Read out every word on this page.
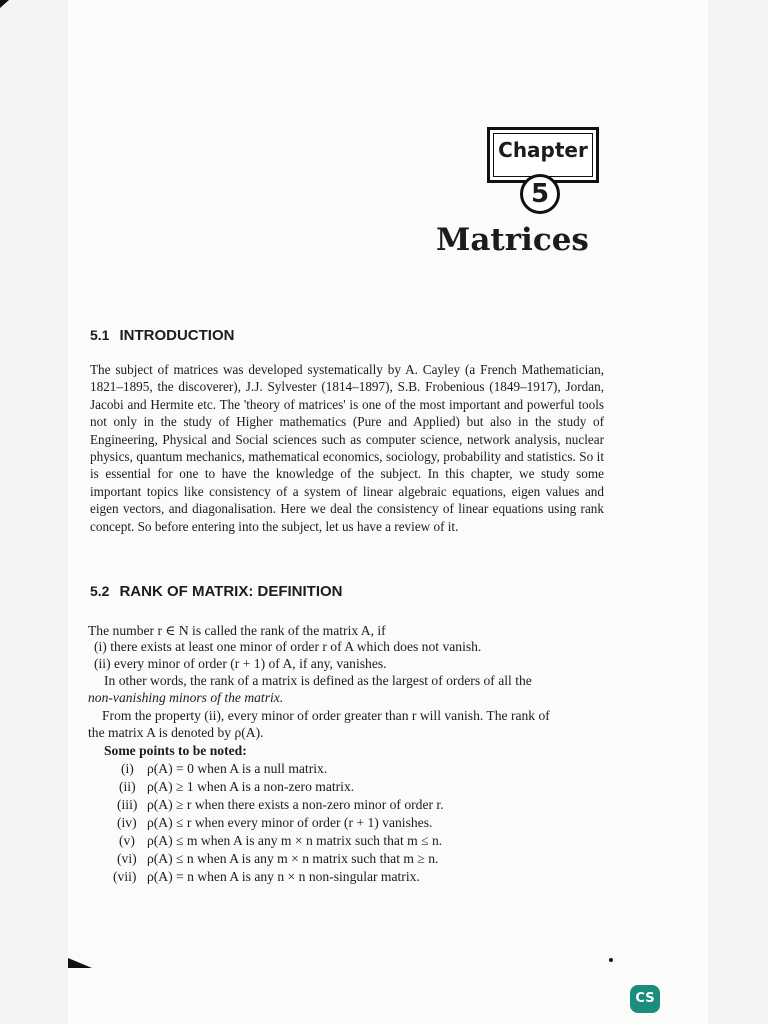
Chapter
5
Matrices
5.1 INTRODUCTION
The subject of matrices was developed systematically by A. Cayley (a French Mathematician, 1821–1895, the discoverer), J.J. Sylvester (1814–1897), S.B. Frobenious (1849–1917), Jordan, Jacobi and Hermite etc. The 'theory of matrices' is one of the most important and powerful tools not only in the study of Higher mathematics (Pure and Applied) but also in the study of Engineering, Physical and Social sciences such as computer science, network analysis, nuclear physics, quantum mechanics, mathematical economics, sociology, probability and statistics. So it is essential for one to have the knowledge of the subject. In this chapter, we study some important topics like consistency of a system of linear algebraic equations, eigen values and eigen vectors, and diagonalisation. Here we deal the consistency of linear equations using rank concept. So before entering into the subject, let us have a review of it.
5.2 RANK OF MATRIX: DEFINITION
The number r ∈ N is called the rank of the matrix A, if
(i) there exists at least one minor of order r of A which does not vanish.
(ii) every minor of order (r + 1) of A, if any, vanishes.
In other words, the rank of a matrix is defined as the largest of orders of all the
non-vanishing minors of the matrix.
From the property (ii), every minor of order greater than r will vanish. The rank of
the matrix A is denoted by ρ(A).
Some points to be noted:
(i) ρ(A) = 0 when A is a null matrix.
(ii) ρ(A) ≥ 1 when A is a non-zero matrix.
(iii) ρ(A) ≥ r when there exists a non-zero minor of order r.
(iv) ρ(A) ≤ r when every minor of order (r + 1) vanishes.
(v) ρ(A) ≤ m when A is any m × n matrix such that m ≤ n.
(vi) ρ(A) ≤ n when A is any m × n matrix such that m ≥ n.
(vii) ρ(A) = n when A is any n × n non-singular matrix.
CS
